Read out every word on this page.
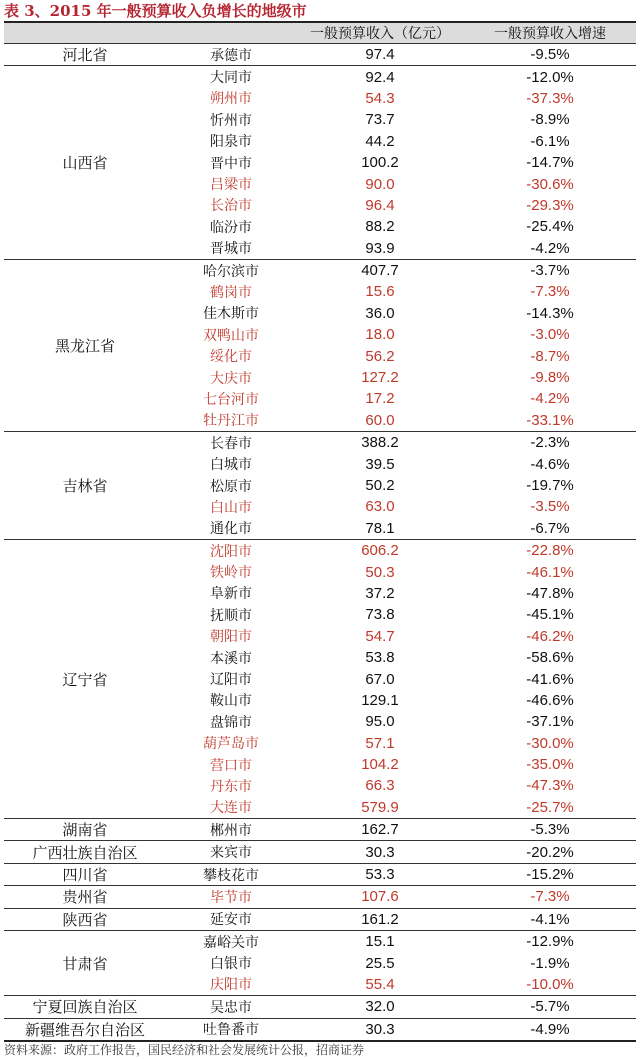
表 3、2015 年一般预算收入负增长的地级市
		一般预算收入（亿元）	一般预算收入增速
河北省	承德市	97.4	-9.5%
山西省	大同市	92.4	-12.0%
	朔州市	54.3	-37.3%
	忻州市	73.7	-8.9%
	阳泉市	44.2	-6.1%
	晋中市	100.2	-14.7%
	吕梁市	90.0	-30.6%
	长治市	96.4	-29.3%
	临汾市	88.2	-25.4%
	晋城市	93.9	-4.2%
黑龙江省	哈尔滨市	407.7	-3.7%
	鹤岗市	15.6	-7.3%
	佳木斯市	36.0	-14.3%
	双鸭山市	18.0	-3.0%
	绥化市	56.2	-8.7%
	大庆市	127.2	-9.8%
	七台河市	17.2	-4.2%
	牡丹江市	60.0	-33.1%
吉林省	长春市	388.2	-2.3%
	白城市	39.5	-4.6%
	松原市	50.2	-19.7%
	白山市	63.0	-3.5%
	通化市	78.1	-6.7%
辽宁省	沈阳市	606.2	-22.8%
	铁岭市	50.3	-46.1%
	阜新市	37.2	-47.8%
	抚顺市	73.8	-45.1%
	朝阳市	54.7	-46.2%
	本溪市	53.8	-58.6%
	辽阳市	67.0	-41.6%
	鞍山市	129.1	-46.6%
	盘锦市	95.0	-37.1%
	葫芦岛市	57.1	-30.0%
	营口市	104.2	-35.0%
	丹东市	66.3	-47.3%
	大连市	579.9	-25.7%
湖南省	郴州市	162.7	-5.3%
广西壮族自治区	来宾市	30.3	-20.2%
四川省	攀枝花市	53.3	-15.2%
贵州省	毕节市	107.6	-7.3%
陕西省	延安市	161.2	-4.1%
甘肃省	嘉峪关市	15.1	-12.9%
	白银市	25.5	-1.9%
	庆阳市	55.4	-10.0%
宁夏回族自治区	吴忠市	32.0	-5.7%
新疆维吾尔自治区	吐鲁番市	30.3	-4.9%
资料来源：政府工作报告，国民经济和社会发展统计公报，招商证券
